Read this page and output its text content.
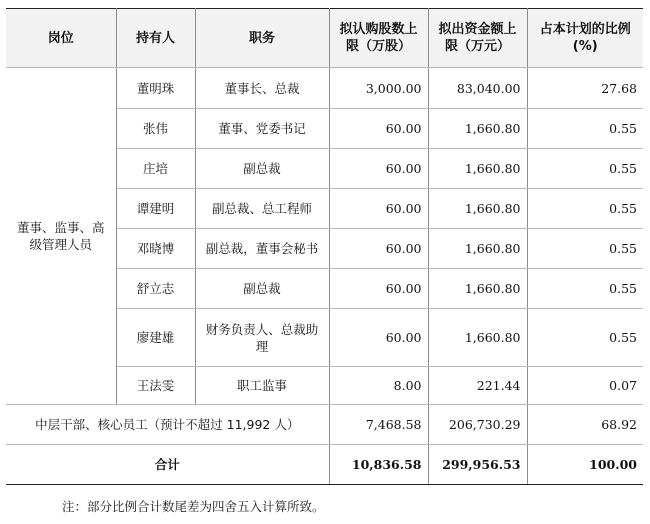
岗位	持有人	职务	拟认购股数上限（万股）	拟出资金额上限（万元）	占本计划的比例
(%)

董事、监事、高级管理人员	董明珠	董事长、总裁	3,000.00	83,040.00	27.68
	张伟	董事、党委书记	60.00	1,660.80	0.55
	庄培	副总裁	60.00	1,660.80	0.55
	谭建明	副总裁、总工程师	60.00	1,660.80	0.55
	邓晓博	副总裁，董事会秘书	60.00	1,660.80	0.55
	舒立志	副总裁	60.00	1,660.80	0.55
	廖建雄	财务负责人、总裁助理	60.00	1,660.80	0.55
	王法雯	职工监事	8.00	221.44	0.07
中层干部、核心员工（预计不超过 11,992 人）			7,468.58	206,730.29	68.92
合计			10,836.58	299,956.53	100.00
注：部分比例合计数尾差为四舍五入计算所致。
